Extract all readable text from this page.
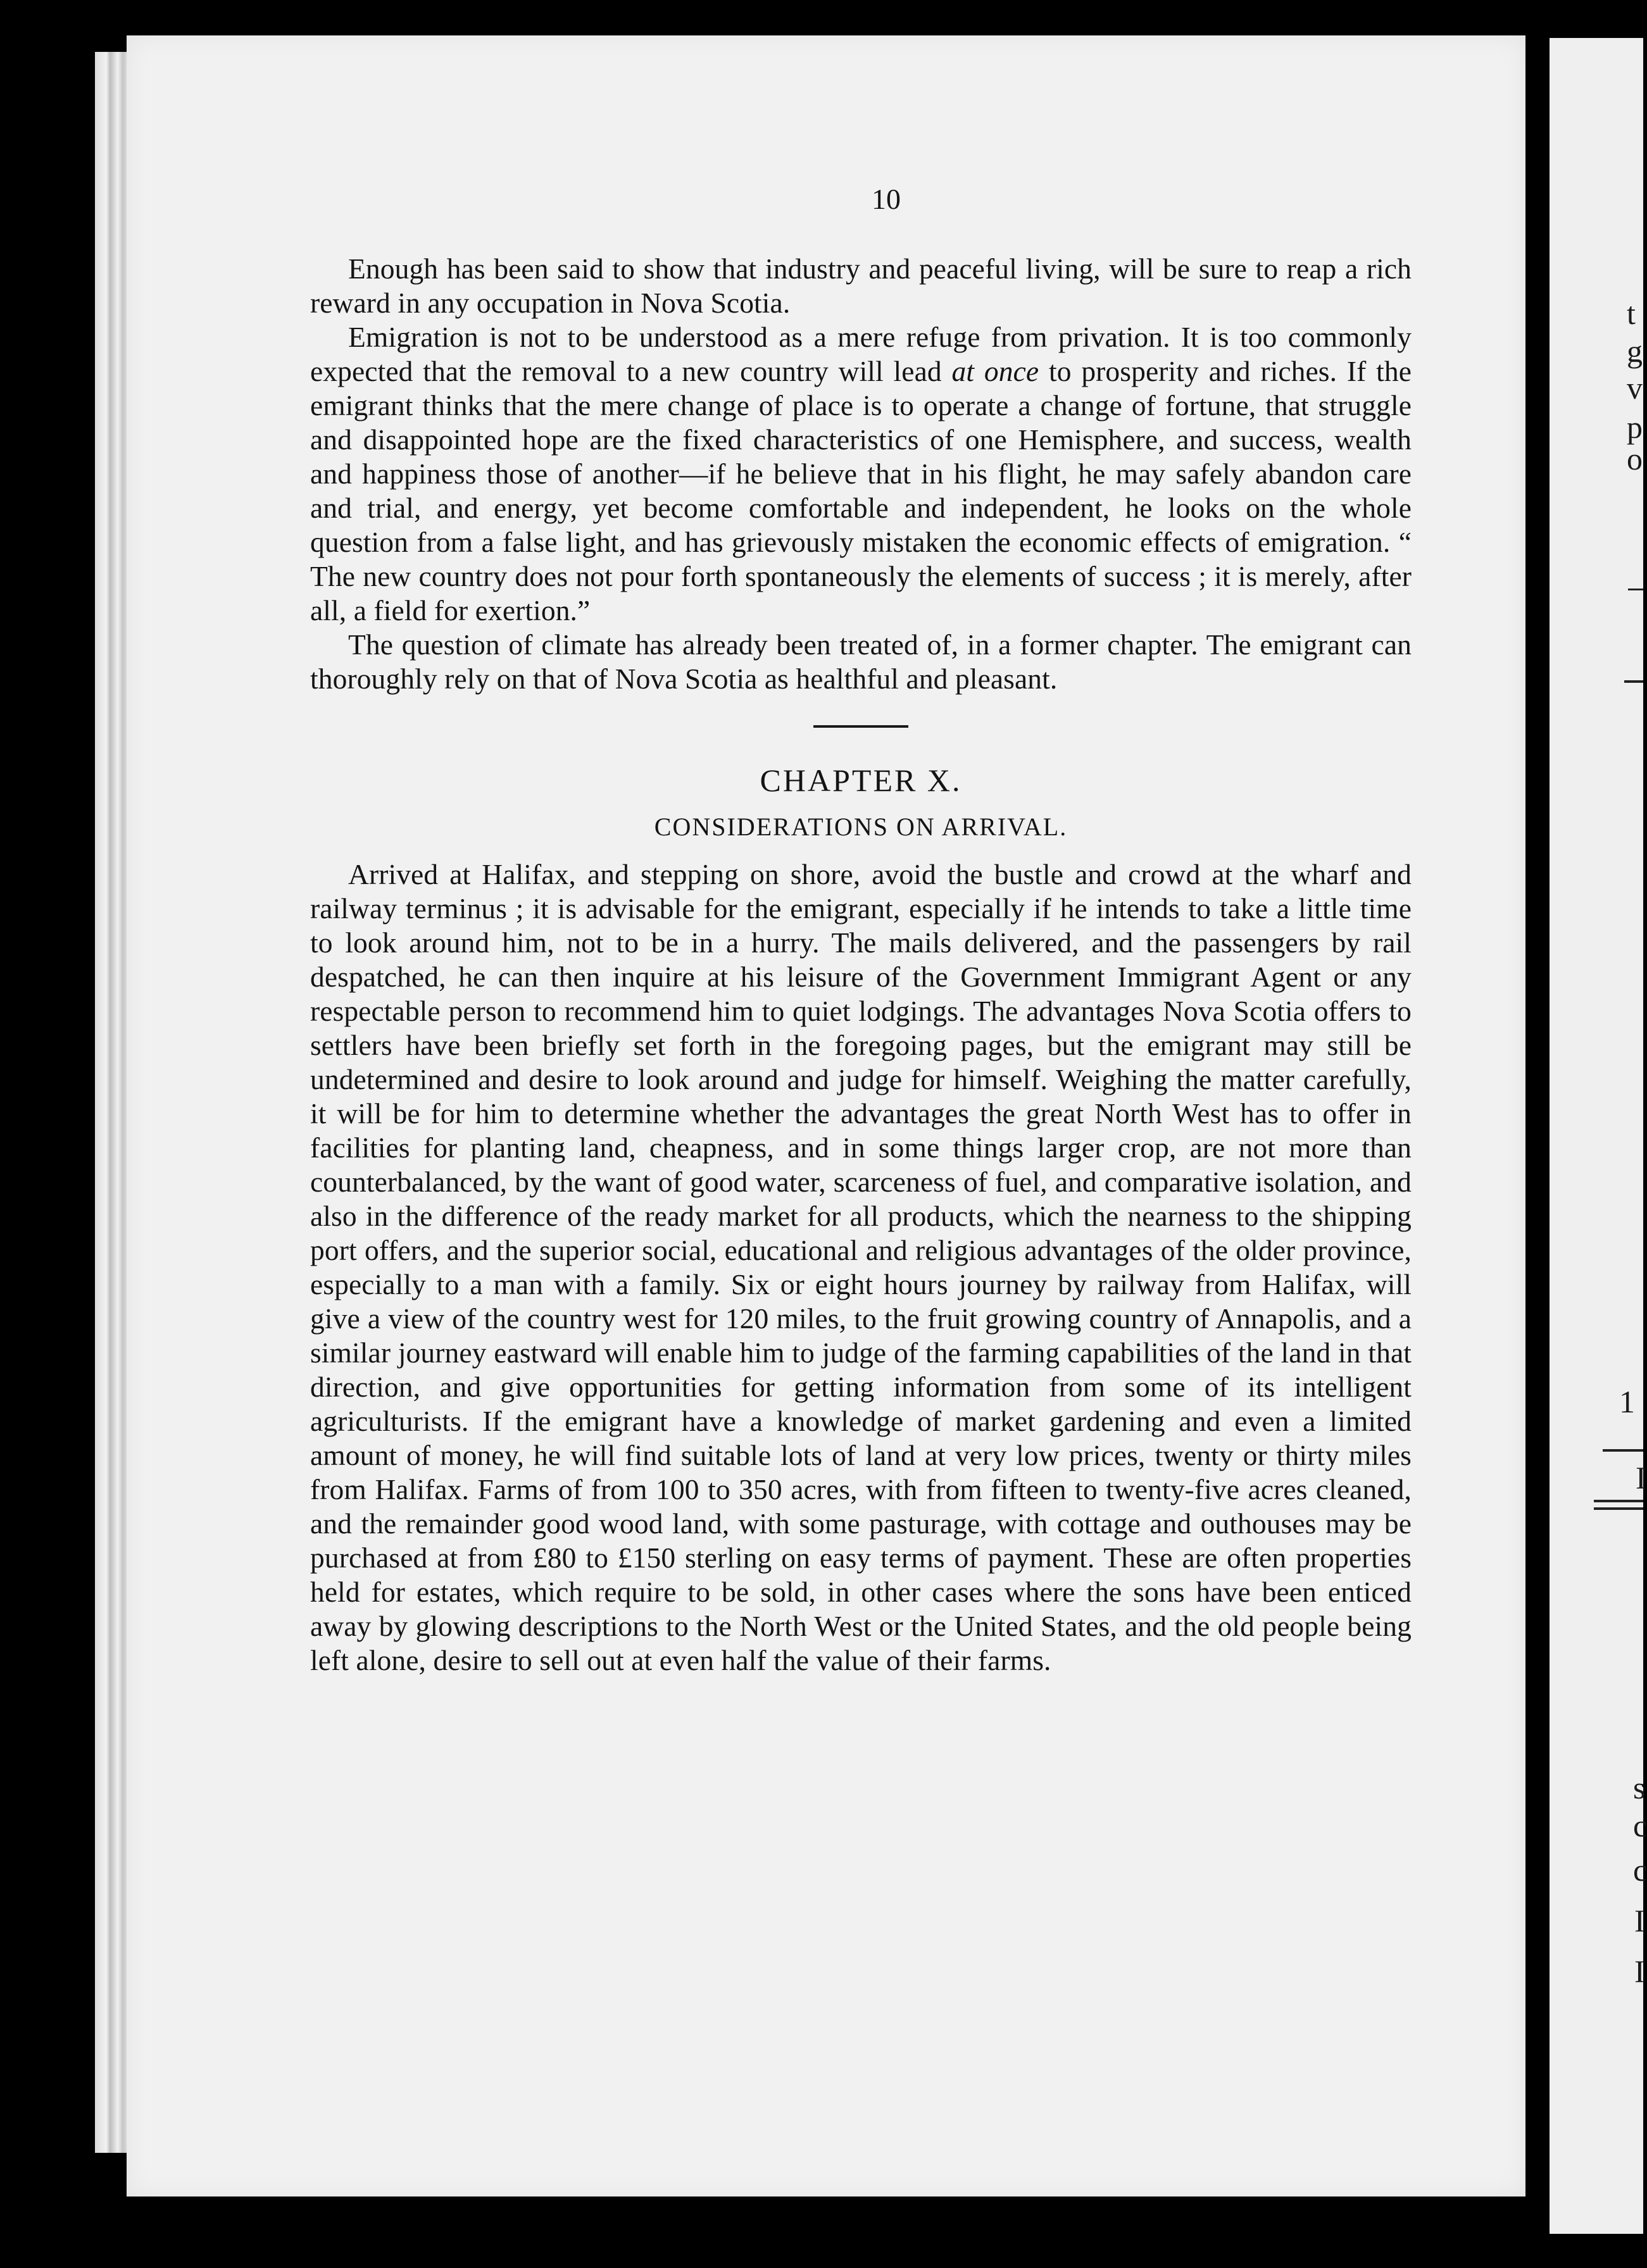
t
g
v
p
o
1
I
s
c
c
I
I
10

Enough has been said to show that industry and peaceful living, will be sure to reap a rich reward in any occupation in Nova Scotia.

Emigration is not to be understood as a mere refuge from privation. It is too commonly expected that the removal to a new country will lead at once to prosperity and riches. If the emigrant thinks that the mere change of place is to operate a change of fortune, that struggle and disappointed hope are the fixed characteristics of one Hemisphere, and success, wealth and happiness those of another—if he believe that in his flight, he may safely abandon care and trial, and energy, yet become comfortable and independent, he looks on the whole question from a false light, and has grievously mistaken the economic effects of emigration. “ The new country does not pour forth spontaneously the elements of success ; it is merely, after all, a field for exertion.”

The question of climate has already been treated of, in a former chapter. The emigrant can thoroughly rely on that of Nova Scotia as healthful and pleasant.

CHAPTER X.
CONSIDERATIONS ON ARRIVAL.

Arrived at Halifax, and stepping on shore, avoid the bustle and crowd at the wharf and railway terminus ; it is advisable for the emigrant, especially if he intends to take a little time to look around him, not to be in a hurry. The mails delivered, and the passengers by rail despatched, he can then inquire at his leisure of the Government Immigrant Agent or any respectable person to recommend him to quiet lodgings. The advantages Nova Scotia offers to settlers have been briefly set forth in the foregoing pages, but the emigrant may still be undetermined and desire to look around and judge for himself. Weighing the matter carefully, it will be for him to determine whether the advantages the great North West has to offer in facilities for planting land, cheapness, and in some things larger crop, are not more than counterbalanced, by the want of good water, scarceness of fuel, and comparative isolation, and also in the difference of the ready market for all products, which the nearness to the shipping port offers, and the superior social, educational and religious advantages of the older province, especially to a man with a family. Six or eight hours journey by railway from Halifax, will give a view of the country west for 120 miles, to the fruit growing country of Annapolis, and a similar journey eastward will enable him to judge of the farming capabilities of the land in that direction, and give opportunities for getting information from some of its intelligent agriculturists. If the emigrant have a knowledge of market gardening and even a limited amount of money, he will find suitable lots of land at very low prices, twenty or thirty miles from Halifax. Farms of from 100 to 350 acres, with from fifteen to twenty-five acres cleaned, and the remainder good wood land, with some pasturage, with cottage and outhouses may be purchased at from £80 to £150 sterling on easy terms of payment. These are often properties held for estates, which require to be sold, in other cases where the sons have been enticed away by glowing descriptions to the North West or the United States, and the old people being left alone, desire to sell out at even half the value of their farms.
